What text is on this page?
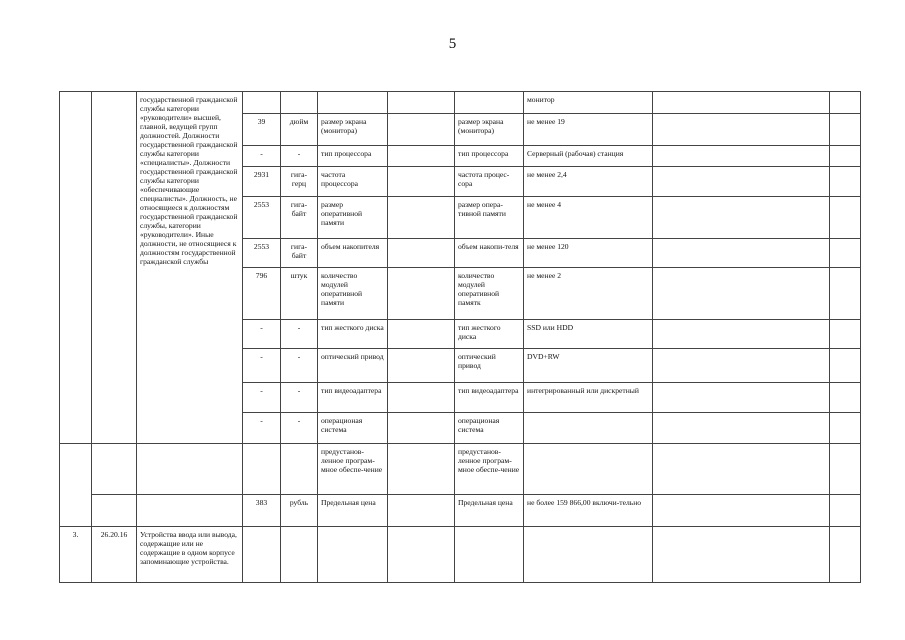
5
		государственной гражданской службы категории «руководители» высшей, главной, ведущей групп должностей. Должности государственной гражданской службы категории «специалисты». Должности государственной гражданской службы категории «обеспечивающие специалисты». Должность, не относящиеся к должностям государственной гражданской службы, категории «руководители». Иные должности, не относящиеся к должностям государственной гражданской службы						монитор		
			39	дюйм	размер экрана (монитора)		размер экрана (монитора)	не менее 19		
			-	-	тип процессора		тип процессора	Серверный (рабочая) станция		
			2931	гига-герц	частота процессора		частота процес-сора	не менее 2,4		
			2553	гига-байт	размер оперативной памяти		размер опера-тивной памяти	не менее 4		
			2553	гига-байт	объем накопителя		объем накопи-теля	не менее 120		
			796	штук	количество модулей оперативной памяти		количество модулей оперативной памятк	не менее 2		
			-	-	тип жесткого диска		тип жесткого диска	SSD или HDD		
			-	-	оптический привод		оптический привод	DVD+RW		
			-	-	тип видеоадаптера		тип видеоадаптера	интегрированный или дискретный		
			-	-	операционая система		операционая система			
					предустанов-ленное програм-мное обеспе-чение		предустанов-ленное програм-мное обеспе-чение			
			383	рубль	Предельная цена		Предельная цена	не более 159 866,00 включи-тельно		
3.	26.20.16	Устройства ввода или вывода, содержащие или не содержащие в одном корпусе запоминающие устройства.								
